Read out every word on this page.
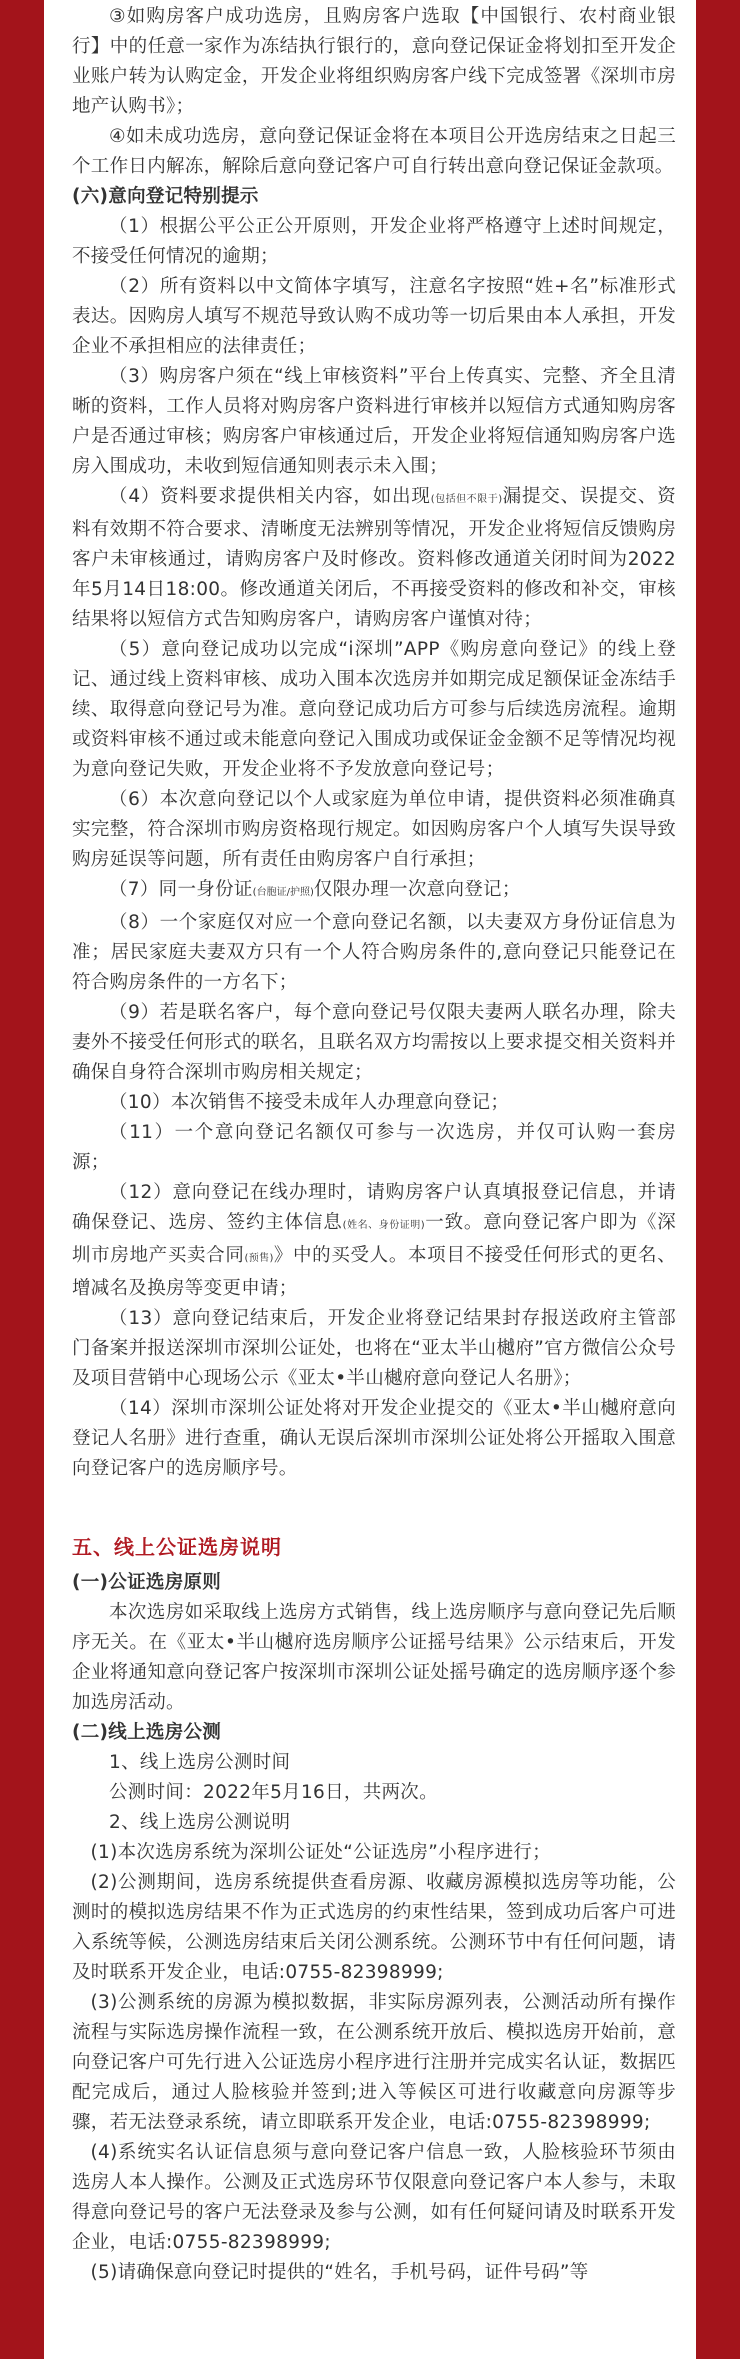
③如购房客户成功选房，且购房客户选取【中国银行、农村商业银行】中的任意一家作为冻结执行银行的，意向登记保证金将划扣至开发企业账户转为认购定金，开发企业将组织购房客户线下完成签署《深圳市房地产认购书》；

④如未成功选房，意向登记保证金将在本项目公开选房结束之日起三个工作日内解冻，解除后意向登记客户可自行转出意向登记保证金款项。

(六)意向登记特别提示

（1）根据公平公正公开原则，开发企业将严格遵守上述时间规定，不接受任何情况的逾期；

（2）所有资料以中文简体字填写，注意名字按照“姓+名”标准形式表达。因购房人填写不规范导致认购不成功等一切后果由本人承担，开发企业不承担相应的法律责任；

（3）购房客户须在“线上审核资料”平台上传真实、完整、齐全且清晰的资料，工作人员将对购房客户资料进行审核并以短信方式通知购房客户是否通过审核；购房客户审核通过后，开发企业将短信通知购房客户选房入围成功，未收到短信通知则表示未入围；

（4）资料要求提供相关内容，如出现(包括但不限于)漏提交、误提交、资料有效期不符合要求、清晰度无法辨别等情况，开发企业将短信反馈购房客户未审核通过，请购房客户及时修改。资料修改通道关闭时间为2022年5月14日18:00。修改通道关闭后，不再接受资料的修改和补交，审核结果将以短信方式告知购房客户，请购房客户谨慎对待；

（5）意向登记成功以完成“i深圳”APP《购房意向登记》的线上登记、通过线上资料审核、成功入围本次选房并如期完成足额保证金冻结手续、取得意向登记号为准。意向登记成功后方可参与后续选房流程。逾期或资料审核不通过或未能意向登记入围成功或保证金金额不足等情况均视为意向登记失败，开发企业将不予发放意向登记号；

（6）本次意向登记以个人或家庭为单位申请，提供资料必须准确真实完整，符合深圳市购房资格现行规定。如因购房客户个人填写失误导致购房延误等问题，所有责任由购房客户自行承担；

（7）同一身份证(台胞证/护照)仅限办理一次意向登记；

（8）一个家庭仅对应一个意向登记名额，以夫妻双方身份证信息为准；居民家庭夫妻双方只有一个人符合购房条件的,意向登记只能登记在符合购房条件的一方名下；

（9）若是联名客户，每个意向登记号仅限夫妻两人联名办理，除夫妻外不接受任何形式的联名，且联名双方均需按以上要求提交相关资料并确保自身符合深圳市购房相关规定；

（10）本次销售不接受未成年人办理意向登记；

（11）一个意向登记名额仅可参与一次选房，并仅可认购一套房源；

（12）意向登记在线办理时，请购房客户认真填报登记信息，并请确保登记、选房、签约主体信息(姓名、身份证明)一致。意向登记客户即为《深圳市房地产买卖合同(预售)》中的买受人。本项目不接受任何形式的更名、增减名及换房等变更申请；

（13）意向登记结束后，开发企业将登记结果封存报送政府主管部门备案并报送深圳市深圳公证处，也将在“亚太半山樾府”官方微信公众号及项目营销中心现场公示《亚太•半山樾府意向登记人名册》；

（14）深圳市深圳公证处将对开发企业提交的《亚太•半山樾府意向登记人名册》进行查重，确认无误后深圳市深圳公证处将公开摇取入围意向登记客户的选房顺序号。

五、线上公证选房说明

(一)公证选房原则

本次选房如采取线上选房方式销售，线上选房顺序与意向登记先后顺序无关。在《亚太•半山樾府选房顺序公证摇号结果》公示结束后，开发企业将通知意向登记客户按深圳市深圳公证处摇号确定的选房顺序逐个参加选房活动。

(二)线上选房公测

1、线上选房公测时间

公测时间：2022年5月16日，共两次。

2、线上选房公测说明

(1)本次选房系统为深圳公证处“公证选房”小程序进行；

(2)公测期间，选房系统提供查看房源、收藏房源模拟选房等功能，公测时的模拟选房结果不作为正式选房的约束性结果，签到成功后客户可进入系统等候，公测选房结束后关闭公测系统。公测环节中有任何问题，请及时联系开发企业，电话:0755-82398999;

(3)公测系统的房源为模拟数据，非实际房源列表，公测活动所有操作流程与实际选房操作流程一致，在公测系统开放后、模拟选房开始前，意向登记客户可先行进入公证选房小程序进行注册并完成实名认证，数据匹配完成后，通过人脸核验并签到;进入等候区可进行收藏意向房源等步骤，若无法登录系统，请立即联系开发企业，电话:0755-82398999;

(4)系统实名认证信息须与意向登记客户信息一致，人脸核验环节须由选房人本人操作。公测及正式选房环节仅限意向登记客户本人参与，未取得意向登记号的客户无法登录及参与公测，如有任何疑问请及时联系开发企业，电话:0755-82398999;

(5)请确保意向登记时提供的“姓名，手机号码，证件号码”等
